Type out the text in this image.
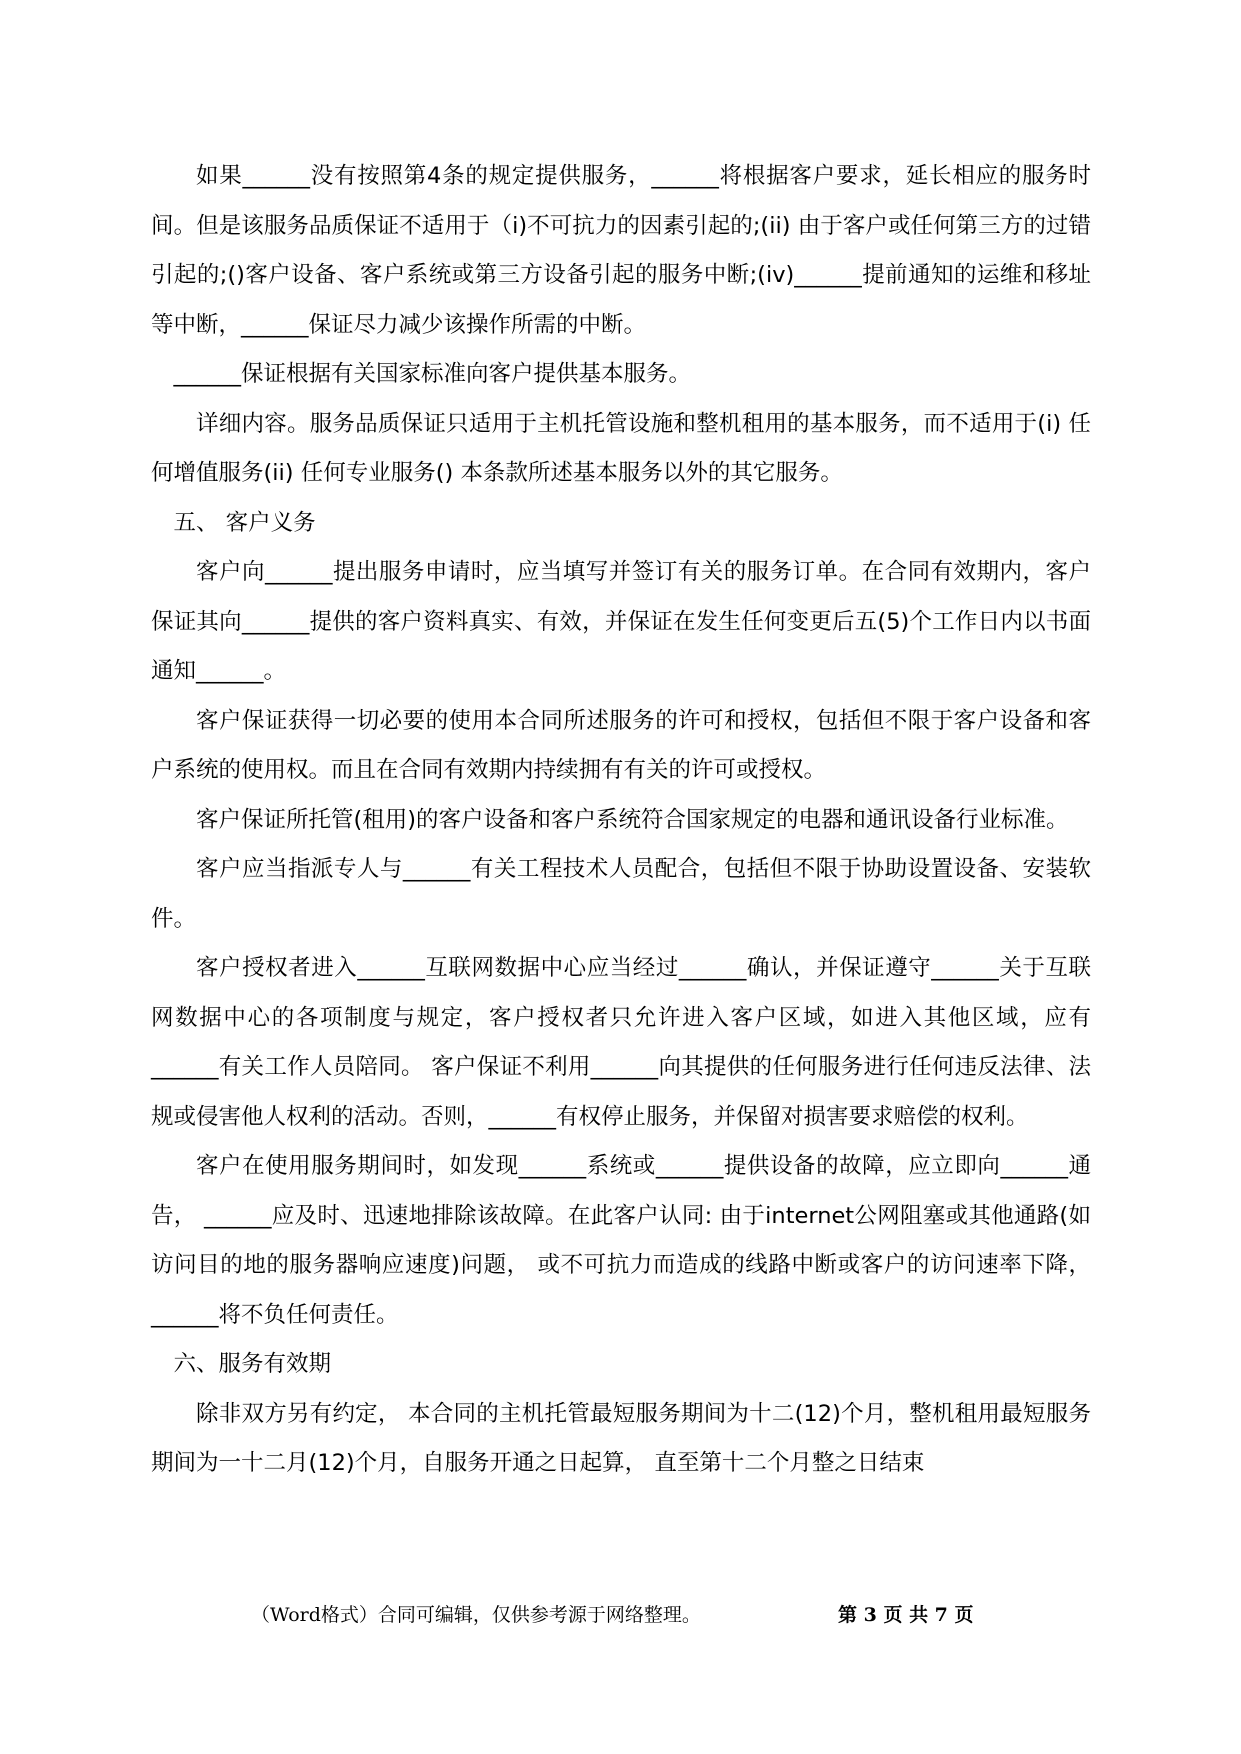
如果______没有按照第4条的规定提供服务，______将根据客户要求，延长相应的服务时间。但是该服务品质保证不适用于（i)不可抗力的因素引起的;(ii) 由于客户或任何第三方的过错引起的;()客户设备、客户系统或第三方设备引起的服务中断;(iv)______提前通知的运维和移址等中断，______保证尽力减少该操作所需的中断。

______保证根据有关国家标准向客户提供基本服务。

详细内容。服务品质保证只适用于主机托管设施和整机租用的基本服务，而不适用于(i) 任何增值服务(ii) 任何专业服务() 本条款所述基本服务以外的其它服务。

五、 客户义务

客户向______提出服务申请时，应当填写并签订有关的服务订单。在合同有效期内，客户保证其向______提供的客户资料真实、有效，并保证在发生任何变更后五(5)个工作日内以书面通知______。

客户保证获得一切必要的使用本合同所述服务的许可和授权，包括但不限于客户设备和客户系统的使用权。而且在合同有效期内持续拥有有关的许可或授权。

客户保证所托管(租用)的客户设备和客户系统符合国家规定的电器和通讯设备行业标准。

客户应当指派专人与______有关工程技术人员配合，包括但不限于协助设置设备、安装软件。

客户授权者进入______互联网数据中心应当经过______确认，并保证遵守______关于互联网数据中心的各项制度与规定，客户授权者只允许进入客户区域，如进入其他区域，应有______有关工作人员陪同。 客户保证不利用______向其提供的任何服务进行任何违反法律、法规或侵害他人权利的活动。否则，______有权停止服务，并保留对损害要求赔偿的权利。

客户在使用服务期间时，如发现______系统或______提供设备的故障，应立即向______通告， ______应及时、迅速地排除该故障。在此客户认同: 由于internet公网阻塞或其他通路(如访问目的地的服务器响应速度)问题， 或不可抗力而造成的线路中断或客户的访问速率下降， ______将不负任何责任。

六、服务有效期

除非双方另有约定， 本合同的主机托管最短服务期间为十二(12)个月，整机租用最短服务期间为一十二月(12)个月，自服务开通之日起算， 直至第十二个月整之日结束

（Word格式）合同可编辑，仅供参考源于网络整理。	第 3 页 共 7 页
